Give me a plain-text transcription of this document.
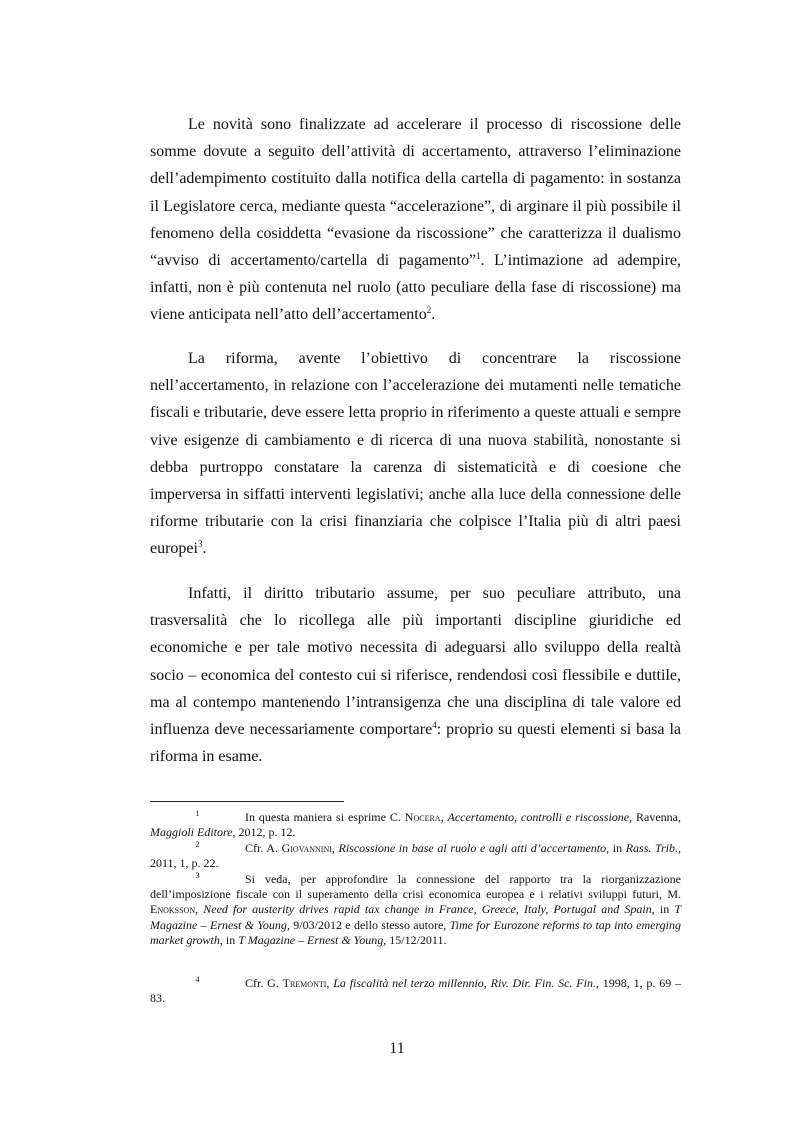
Le novità sono finalizzate ad accelerare il processo di riscossione delle somme dovute a seguito dell’attività di accertamento, attraverso l’eliminazione dell’adempimento costituito dalla notifica della cartella di pagamento: in sostanza il Legislatore cerca, mediante questa “accelerazione”, di arginare il più possibile il fenomeno della cosiddetta “evasione da riscossione” che caratterizza il dualismo “avviso di accertamento/cartella di pagamento”$^1$. L’intimazione ad adempire, infatti, non è più contenuta nel ruolo (atto peculiare della fase di riscossione) ma viene anticipata nell’atto dell’accertamento$^2$.

La riforma, avente l’obiettivo di concentrare la riscossione nell’accertamento, in relazione con l’accelerazione dei mutamenti nelle tematiche fiscali e tributarie, deve essere letta proprio in riferimento a queste attuali e sempre vive esigenze di cambiamento e di ricerca di una nuova stabilità, nonostante si debba purtroppo constatare la carenza di sistematicità e di coesione che imperversa in siffatti interventi legislativi; anche alla luce della connessione delle riforme tributarie con la crisi finanziaria che colpisce l’Italia più di altri paesi europei$^3$.

Infatti, il diritto tributario assume, per suo peculiare attributo, una trasversalità che lo ricollega alle più importanti discipline giuridiche ed economiche e per tale motivo necessita di adeguarsi allo sviluppo della realtà socio – economica del contesto cui si riferisce, rendendosi così flessibile e duttile, ma al contempo mantenendo l’intransigenza che una disciplina di tale valore ed influenza deve necessariamente comportare$^4$: proprio su questi elementi si basa la riforma in esame.

1	In questa maniera si esprime C. Nocera, Accertamento, controlli e riscossione, Ravenna, Maggioli Editore, 2012, p. 12.

2	Cfr. A. Giovannini, Riscossione in base al ruolo e agli atti d’accertamento, in Rass. Trib., 2011, 1, p. 22.

3	Si veda, per approfondire la connessione del rapporto tra la riorganizzazione dell’imposizione fiscale con il superamento della crisi economica europea e i relativi sviluppi futuri, M. Enoksson, Need for austerity drives rapid tax change in France, Greece, Italy, Portugal and Spain, in T Magazine – Ernest & Young, 9/03/2012 e dello stesso autore, Time for Eurozone reforms to tap into emerging market growth, in T Magazine – Ernest & Young, 15/12/2011.

4	Cfr. G. Tremonti, La fiscalità nel terzo millennio, Riv. Dir. Fin. Sc. Fin., 1998, 1, p. 69 – 83.

11
